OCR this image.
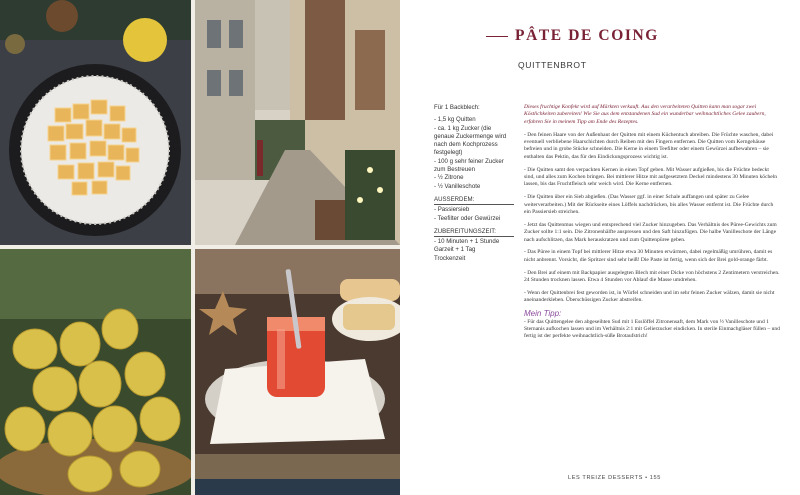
PÂTE DE COING
QUITTENBROT
Für 1 Backblech:
- 1,5 kg Quitten
- ca. 1 kg Zucker (die
genaue Zuckermenge wird
nach dem Kochprozess
festgelegt)
- 100 g sehr feiner Zucker
zum Bestreuen
- ½ Zitrone
- ½ Vanilleschote
AUSSERDEM:
- Passiersieb
- Teefilter oder Gewürzei
ZUBEREITUNGSZEIT:
- 10 Minuten + 1 Stunde
Garzeit + 1 Tag
Trockenzeit

Dieses fruchtige Konfekt wird auf Märkten verkauft. Aus den verarbeiteten Quitten kann man sogar zwei Köstlichkeiten zubereiten! Wie Sie aus dem entstandenen Sud ein wunderbar weihnachtliches Gelee zaubern, erfahren Sie in meinem Tipp am Ende des Rezeptes.

- Den feinen Haare von der Außenhaut der Quitten mit einem Küchentuch abreiben. Die Früchte waschen, dabei eventuell verbliebene Haarschichten durch Reiben mit den Fingern entfernen. Die Quitten vom Kerngehäuse befreien und in grobe Stücke schneiden. Die Kerne in einem Teefilter oder einem Gewürzei aufbewahren – sie enthalten das Pektin, das für den Eindickungsprozess wichtig ist.

- Die Quitten samt den verpackten Kernen in einen Topf geben. Mit Wasser aufgießen, bis die Früchte bedeckt sind, und alles zum Kochen bringen. Bei mittlerer Hitze mit aufgesetztem Deckel mindestens 30 Minuten köcheln lassen, bis das Fruchtfleisch sehr weich wird. Die Kerne entfernen.

- Die Quitten über ein Sieb abgießen. (Das Wasser ggf. in einer Schale auffangen und später zu Gelee weiterverarbeiten.) Mit der Rückseite eines Löffels nachdrücken, bis alles Wasser entfernt ist. Die Früchte durch ein Passiersieb streichen.

- Jetzt das Quittenmus wiegen und entsprechend viel Zucker hinzugeben. Das Verhältnis des Püree-Gewichts zum Zucker sollte 1:1 sein. Die Zitronenhälfte auspressen und den Saft hinzufügen. Die halbe Vanilleschote der Länge nach aufschlitzen, das Mark herauskratzen und zum Quittenpüree geben.

- Das Püree in einem Topf bei mittlerer Hitze etwa 30 Minuten erwärmen, dabei regelmäßig umrühren, damit es nicht anbrennt. Vorsicht, die Spritzer sind sehr heiß! Die Paste ist fertig, wenn sich der Brei gold-orange färbt.

- Den Brei auf einem mit Backpapier ausgelegten Blech mit einer Dicke von höchstens 2 Zentimetern verstreichen. 24 Stunden trocknen lassen. Etwa 4 Stunden vor Ablauf die Masse umdrehen.

- Wenn der Quittenbrei fest geworden ist, in Würfel schneiden und im sehr feinen Zucker wälzen, damit sie nicht aneinanderkleben. Überschüssigen Zucker abstreifen.

Mein Tipp:

- Für das Quittengelee den abgeseihten Sud mit 1 Esslöffel Zitronensaft, dem Mark von ½ Vanilleschote und 1 Sternanis aufkochen lassen und im Verhältnis 2:1 mit Gelierzucker eindicken. In sterile Einmachgläser füllen – und fertig ist der perfekte weihnachtlich-süße Brotaufstrich!

LES TREIZE DESSERTS • 155
